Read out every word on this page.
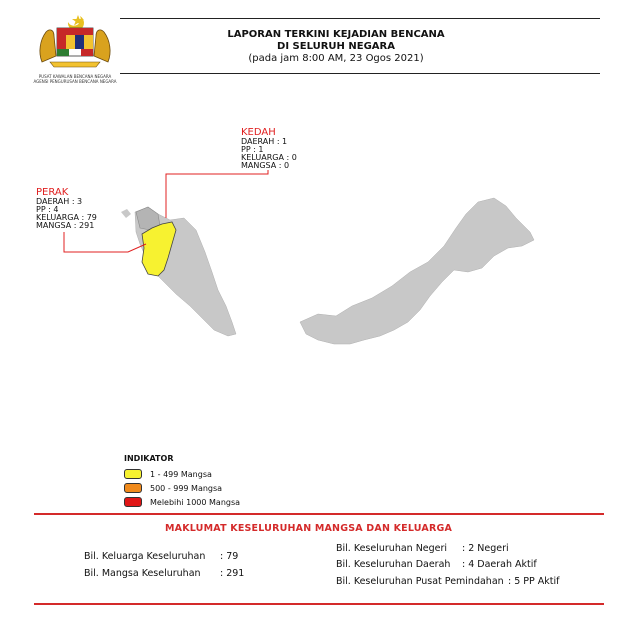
PUSAT KAWALAN BENCANA NEGARA
AGENSI PENGURUSAN BENCANA NEGARA
LAPORAN TERKINI KEJADIAN BENCANA
DI SELURUH NEGARA
(pada jam 8:00 AM, 23 Ogos 2021)
KEDAH
DAERAH : 1
PP : 1
KELUARGA : 0
MANGSA : 0
PERAK
DAERAH : 3
PP : 4
KELUARGA : 79
MANGSA : 291
INDIKATOR
1 - 499 Mangsa
500 - 999 Mangsa
Melebihi 1000 Mangsa
MAKLUMAT KESELURUHAN MANGSA DAN KELUARGA
Bil. Keluarga Keseluruhan : 79
Bil. Mangsa Keseluruhan : 291
Bil. Keseluruhan Negeri : 2 Negeri
Bil. Keseluruhan Daerah : 4 Daerah Aktif
Bil. Keseluruhan Pusat Pemindahan : 5 PP Aktif
